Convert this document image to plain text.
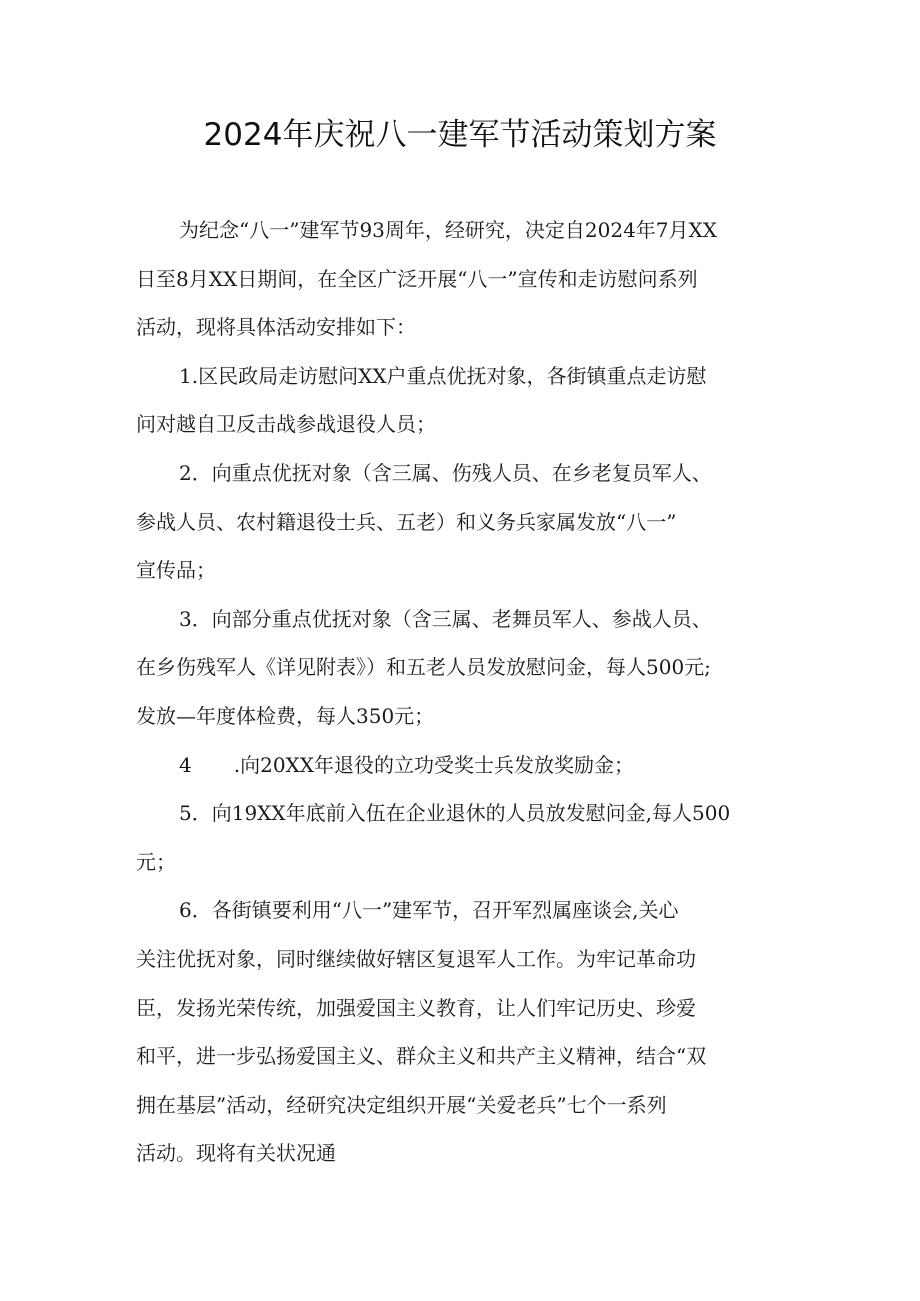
2024年庆祝八一建军节活动策划方案
为纪念“八一”建军节93周年，经研究，决定自2024年7月XX
日至8月XX日期间，在全区广泛开展“八一”宣传和走访慰问系列
活动，现将具体活动安排如下：
1.区民政局走访慰问XX户重点优抚对象，各街镇重点走访慰
问对越自卫反击战参战退役人员；
2．向重点优抚对象（含三属、伤残人员、在乡老复员军人、
参战人员、农村籍退役士兵、五老）和义务兵家属发放“八一”
宣传品；
3．向部分重点优抚对象（含三属、老舞员军人、参战人员、
在乡伤残军人《详见附表》）和五老人员发放慰问金，每人500元;
发放—年度体检费，每人350元；
4 .向20XX年退役的立功受奖士兵发放奖励金；
5．向19XX年底前入伍在企业退休的人员放发慰问金,每人500
元；
6．各街镇要利用“八一”建军节，召开军烈属座谈会,关心
关注优抚对象，同时继续做好辖区复退军人工作。为牢记革命功
臣，发扬光荣传统，加强爱国主义教育，让人们牢记历史、珍爱
和平，进一步弘扬爱国主义、群众主义和共产主义精神，结合“双
拥在基层”活动，经研究决定组织开展“关爱老兵”七个一系列
活动。现将有关状况通
